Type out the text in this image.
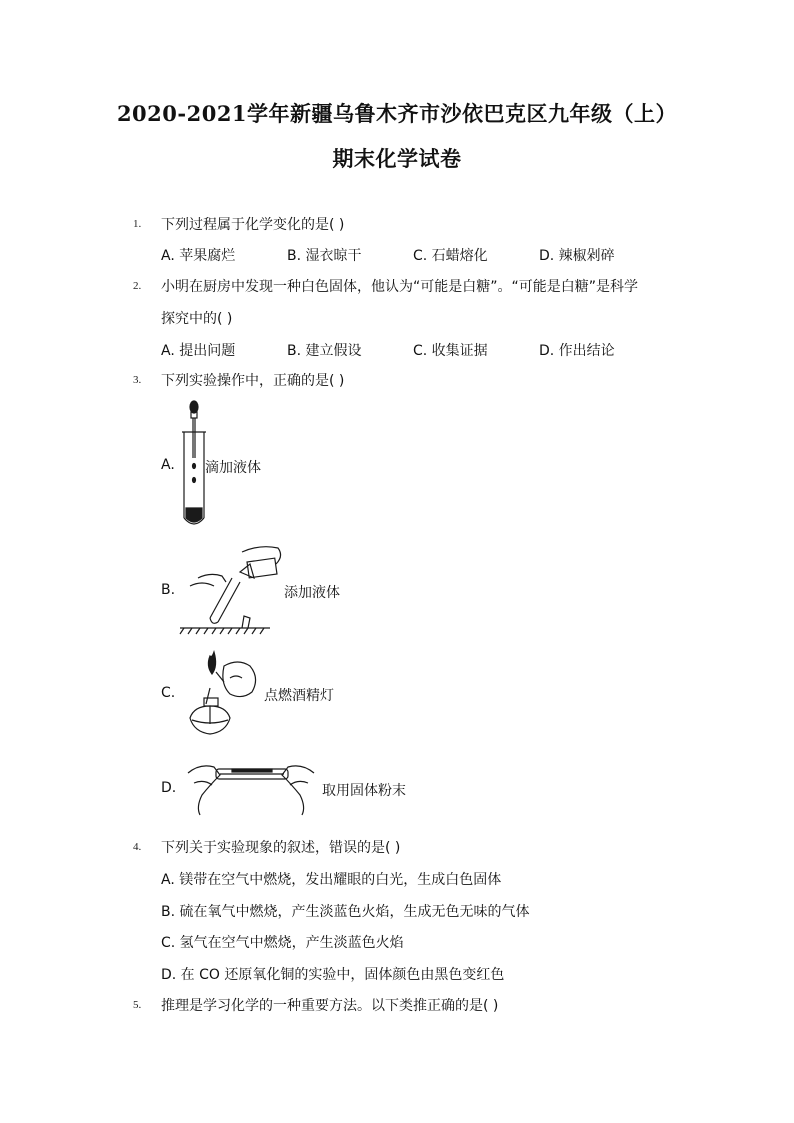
2020-2021学年新疆乌鲁木齐市沙依巴克区九年级（上）
期末化学试卷
1. 下列过程属于化学变化的是( )
A. 苹果腐烂	B. 湿衣晾干	C. 石蜡熔化	D. 辣椒剁碎
2. 小明在厨房中发现一种白色固体，他认为“可能是白糖”。“可能是白糖”是科学
探究中的( )
A. 提出问题	B. 建立假设	C. 收集证据	D. 作出结论
3. 下列实验操作中，正确的是( )
A. 滴加液体
B.	添加液体
C.	点燃酒精灯
D.	取用固体粉末
4. 下列关于实验现象的叙述，错误的是( )
A. 镁带在空气中燃烧，发出耀眼的白光，生成白色固体
B. 硫在氧气中燃烧，产生淡蓝色火焰，生成无色无味的气体
C. 氢气在空气中燃烧，产生淡蓝色火焰
D. 在 CO 还原氧化铜的实验中，固体颜色由黑色变红色
5. 推理是学习化学的一种重要方法。以下类推正确的是( )
